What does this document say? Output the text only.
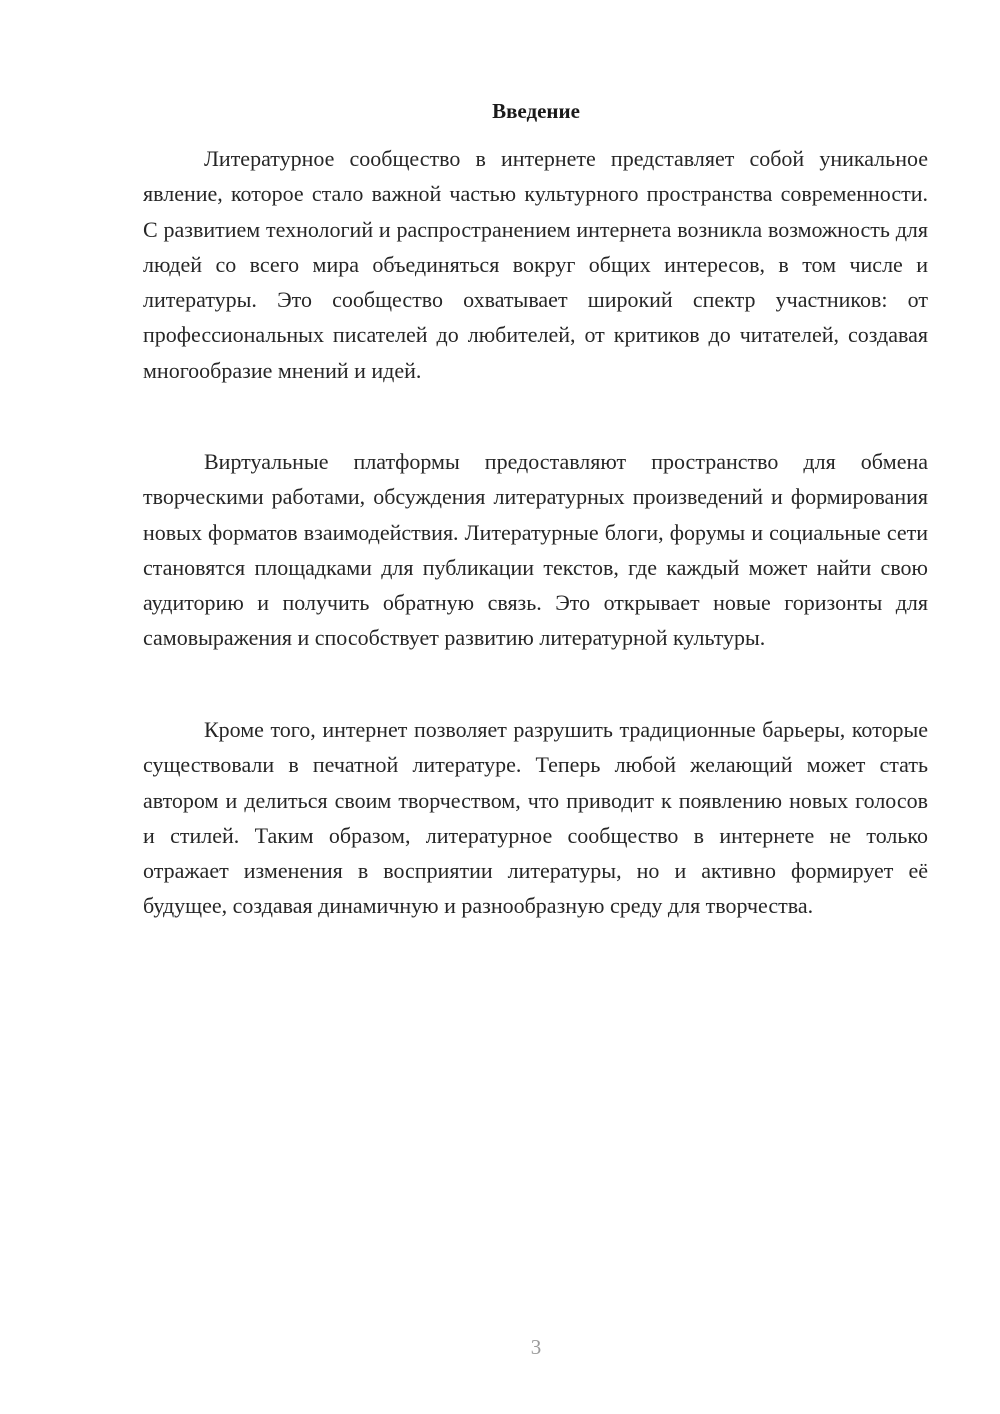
Введение

Литературное сообщество в интернете представляет собой уникальное явление, которое стало важной частью культурного пространства современности. С развитием технологий и распространением интернета возникла возможность для людей со всего мира объединяться вокруг общих интересов, в том числе и литературы. Это сообщество охватывает широкий спектр участников: от профессиональных писателей до любителей, от критиков до читателей, создавая многообразие мнений и идей.

Виртуальные платформы предоставляют пространство для обмена творческими работами, обсуждения литературных произведений и формирования новых форматов взаимодействия. Литературные блоги, форумы и социальные сети становятся площадками для публикации текстов, где каждый может найти свою аудиторию и получить обратную связь. Это открывает новые горизонты для самовыражения и способствует развитию литературной культуры.

Кроме того, интернет позволяет разрушить традиционные барьеры, которые существовали в печатной литературе. Теперь любой желающий может стать автором и делиться своим творчеством, что приводит к появлению новых голосов и стилей. Таким образом, литературное сообщество в интернете не только отражает изменения в восприятии литературы, но и активно формирует её будущее, создавая динамичную и разнообразную среду для творчества.

3
